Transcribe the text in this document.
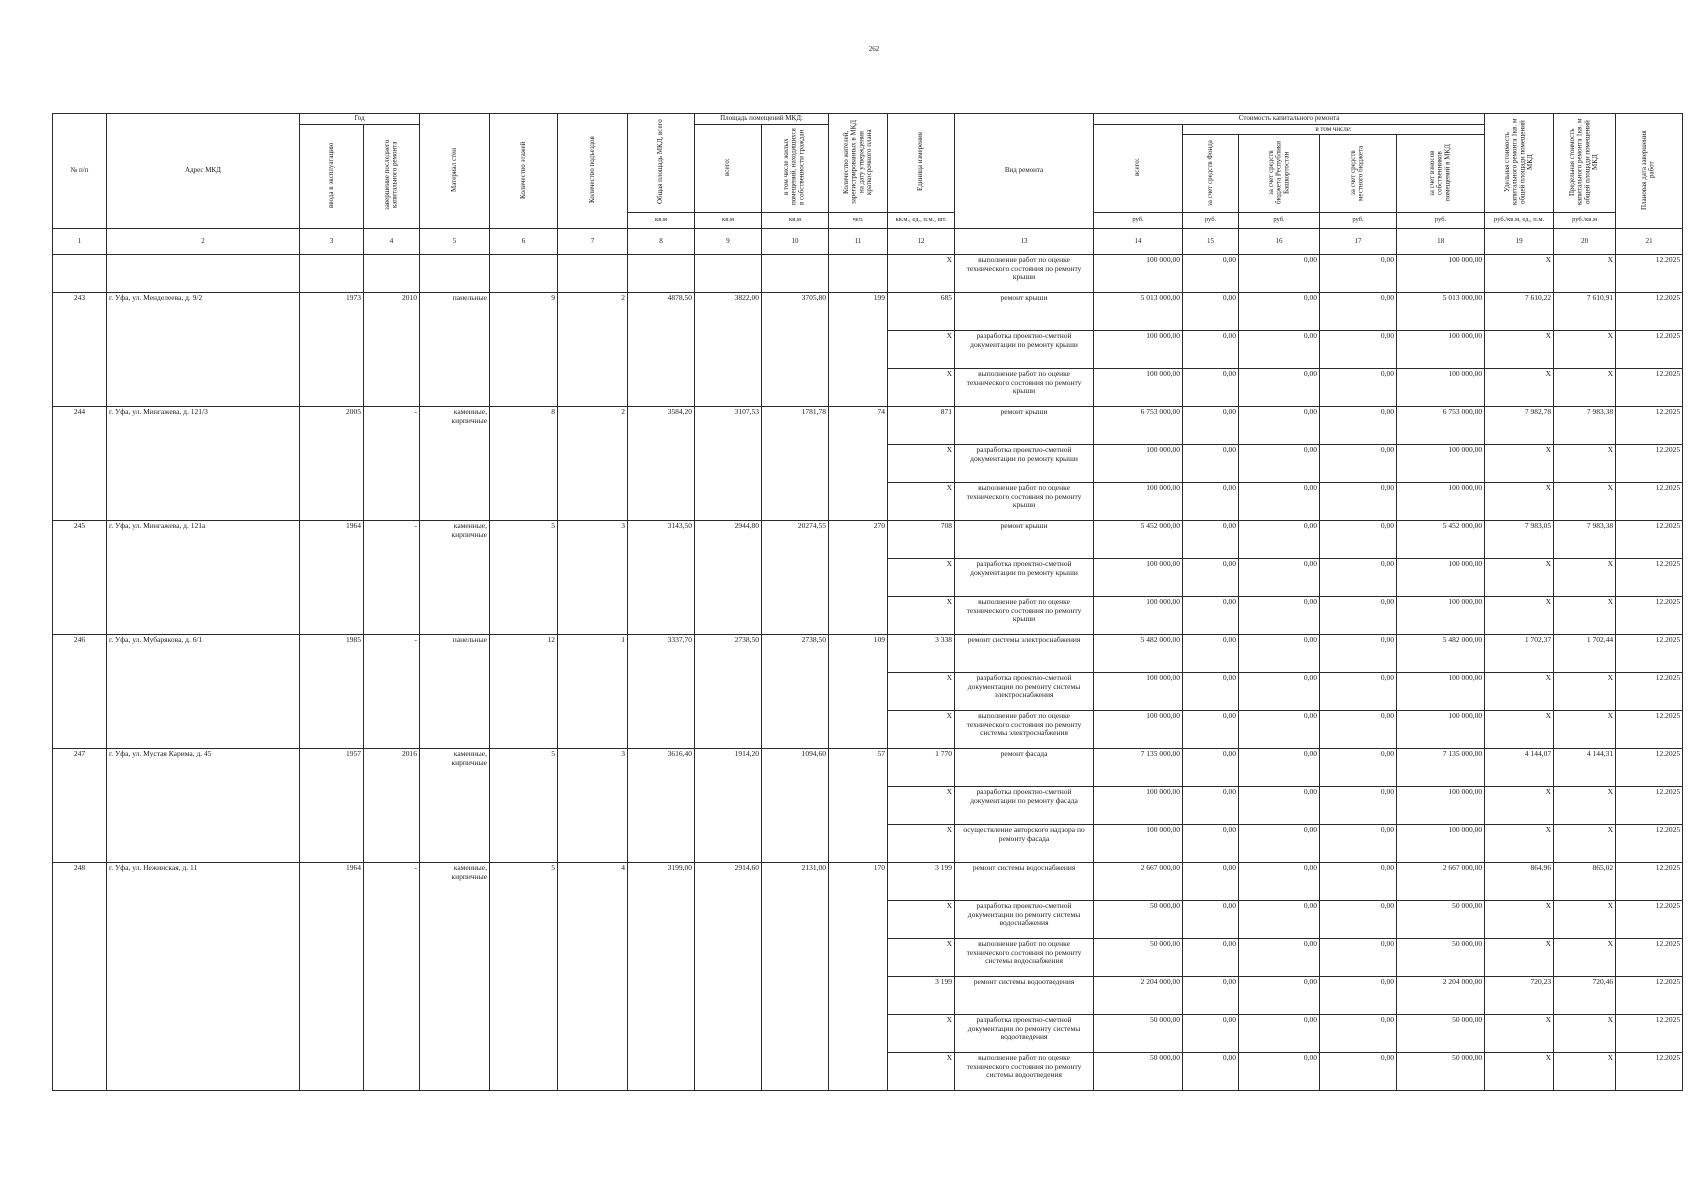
262
№ п/п	Адрес МКД	Год		Материал стен	Количество этажей	Количество подъездов	Общая площадь МКД, всего	Площадь помещений МКД:		Количество жителей, зарегистрированных в МКД на дату утверждения краткосрочного плана	Единица измерения	Вид ремонта	Стоимость капитального ремонта					Удельная стоимость капитального ремонта 1кв. м общей площади помещений МКД	Предельная стоимость капитального ремонта 1кв. м общей площади помещений МКД	Плановая дата завершения работ
		ввода в эксплуатацию	завершение последнего капитального ремонта					всего:	в том числе жилых помещений, находящихся в собственности граждан				всего:	в том числе:						
														за счет средств Фонда	за счет средств бюджета Республики Башкортостан	за счет средств местного бюджета	за счет взносов собственников помещений в МКД			
							кв.м	кв.м	кв.м	чел.	кв.м., ед., п.м., шт.		руб.	руб.	руб.	руб.	руб.	руб./кв.м, ед., п.м.	руб./кв.м	
1	2	3	4	5	6	7	8	9	10	11	12	13	14	15	16	17	18	19	20	21
											Х	выполнение работ по оценке технического состояния по ремонту крыши	100 000,00	0,00	0,00	0,00	100 000,00	Х	Х	12.2025
243	г. Уфа, ул. Менделеева, д. 9/2	1973	2010	панельные	9	2	4878,50	3822,00	3705,80	199	685	ремонт крыши	5 013 000,00	0,00	0,00	0,00	5 013 000,00	7 610,22	7 610,91	12.2025
											Х	разработка проектно-сметной документации по ремонту крыши	100 000,00	0,00	0,00	0,00	100 000,00	Х	Х	12.2025
											Х	выполнение работ по оценке технического состояния по ремонту крыши	100 000,00	0,00	0,00	0,00	100 000,00	Х	Х	12.2025
244	г. Уфа, ул. Мингажева, д. 121/3	2005	-	каменные, кирпичные	8	2	3584,20	3107,53	1781,78	74	871	ремонт крыши	6 753 000,00	0,00	0,00	0,00	6 753 000,00	7 982,78	7 983,38	12.2025
											Х	разработка проектно-сметной документации по ремонту крыши	100 000,00	0,00	0,00	0,00	100 000,00	Х	Х	12.2025
											Х	выполнение работ по оценке технического состояния по ремонту крыши	100 000,00	0,00	0,00	0,00	100 000,00	Х	Х	12.2025
245	г. Уфа, ул. Мингажева, д. 121а	1964	-	каменные, кирпичные	5	3	3143,50	2944,80	20274,55	270	708	ремонт крыши	5 452 000,00	0,00	0,00	0,00	5 452 000,00	7 983,05	7 983,38	12.2025
											Х	разработка проектно-сметной документации по ремонту крыши	100 000,00	0,00	0,00	0,00	100 000,00	Х	Х	12.2025
											Х	выполнение работ по оценке технического состояния по ремонту крыши	100 000,00	0,00	0,00	0,00	100 000,00	Х	Х	12.2025
246	г. Уфа, ул. Мубарякова, д. 6/1	1985	-	панельные	12	1	3337,70	2738,50	2738,50	109	3 338	ремонт системы электроснабжения	5 482 000,00	0,00	0,00	0,00	5 482 000,00	1 702,37	1 702,44	12.2025
											Х	разработка проектно-сметной документации по ремонту системы электроснабжения	100 000,00	0,00	0,00	0,00	100 000,00	Х	Х	12.2025
											Х	выполнение работ по оценке технического состояния по ремонту системы электроснабжения	100 000,00	0,00	0,00	0,00	100 000,00	Х	Х	12.2025
247	г. Уфа, ул. Мустая Карима, д. 45	1957	2016	каменные, кирпичные	5	3	3616,40	1914,20	1094,60	57	1 770	ремонт фасада	7 135 000,00	0,00	0,00	0,00	7 135 000,00	4 144,07	4 144,31	12.2025
											Х	разработка проектно-сметной документации по ремонту фасада	100 000,00	0,00	0,00	0,00	100 000,00	Х	Х	12.2025
											Х	осуществление авторского надзора по ремонту фасада	100 000,00	0,00	0,00	0,00	100 000,00	Х	Х	12.2025
248	г. Уфа, ул. Нежинская, д. 11	1964	-	каменные, кирпичные	5	4	3199,00	2914,60	2131,00	170	3 199	ремонт системы водоснабжения	2 667 000,00	0,00	0,00	0,00	2 667 000,00	864,96	865,02	12.2025
											Х	разработка проектно-сметной документации по ремонту системы водоснабжения	50 000,00	0,00	0,00	0,00	50 000,00	Х	Х	12.2025
											Х	выполнение работ по оценке технического состояния по ремонту системы водоснабжения	50 000,00	0,00	0,00	0,00	50 000,00	Х	Х	12.2025
											3 199	ремонт системы водоотведения	2 204 000,00	0,00	0,00	0,00	2 204 000,00	720,23	720,46	12.2025
											Х	разработка проектно-сметной документации по ремонту системы водоотведения	50 000,00	0,00	0,00	0,00	50 000,00	Х	Х	12.2025
											Х	выполнение работ по оценке технического состояния по ремонту системы водоотведения	50 000,00	0,00	0,00	0,00	50 000,00	Х	Х	12.2025
